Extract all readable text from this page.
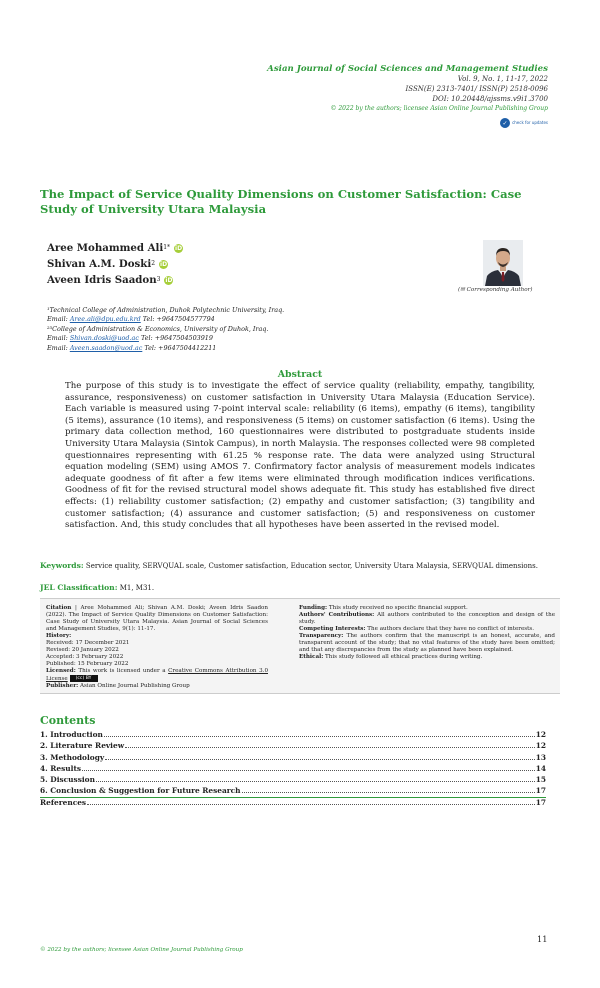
Asian Journal of Social Sciences and Management Studies
Vol. 9, No. 1, 11-17, 2022
ISSN(E) 2313-7401/ ISSN(P) 2518-0096
DOI: 10.20448/ajssms.v9i1.3700
© 2022 by the authors; licensee Asian Online Journal Publishing Group
✓	check for updates
The Impact of Service Quality Dimensions on Customer Satisfaction: Case Study of University Utara Malaysia
Aree Mohammed Ali 1* iD
Shivan A.M. Doski 2 iD
Aveen Idris Saadon 3 iD
(✉ Corresponding Author)
¹Technical College of Administration, Duhok Polytechnic University, Iraq.
Email: Aree.ali@dpu.edu.krd Tel: +9647504577794
²³College of Administration & Economics, University of Duhok, Iraq.
Email: Shivan.doski@uod.ac Tel: +9647504503919
Email: Aveen.saadon@uod.ac Tel: +9647504412211
Abstract
The purpose of this study is to investigate the effect of service quality (reliability, empathy, tangibility, assurance, responsiveness) on customer satisfaction in University Utara Malaysia (Education Service). Each variable is measured using 7-point interval scale: reliability (6 items), empathy (6 items), tangibility (5 items), assurance (10 items), and responsiveness (5 items) on customer satisfaction (6 items). Using the primary data collection method, 160 questionnaires were distributed to postgraduate students inside University Utara Malaysia (Sintok Campus), in north Malaysia. The responses collected were 98 completed questionnaires representing with 61.25 % response rate. The data were analyzed using Structural equation modeling (SEM) using AMOS 7. Confirmatory factor analysis of measurement models indicates adequate goodness of fit after a few items were eliminated through modification indices verifications. Goodness of fit for the revised structural model shows adequate fit. This study has established five direct effects: (1) reliability customer satisfaction; (2) empathy and customer satisfaction; (3) tangibility and customer satisfaction; (4) assurance and customer satisfaction; (5) and responsiveness on customer satisfaction. And, this study concludes that all hypotheses have been asserted in the revised model.
Keywords: Service quality, SERVQUAL scale, Customer satisfaction, Education sector, University Utara Malaysia, SERVQUAL dimensions.
JEL Classification: M1, M31.
Citation | Aree Mohammed Ali; Shivan A.M. Doski; Aveen Idris Saadon (2022). The Impact of Service Quality Dimensions on Customer Satisfaction: Case Study of University Utara Malaysia. Asian Journal of Social Sciences and Management Studies, 9(1): 11-17.
History:
Received: 17 December 2021
Revised: 20 January 2022
Accepted: 3 February 2022
Published: 15 February 2022
Licensed: This work is licensed under a Creative Commons Attribution 3.0 License (cc) BY
Publisher: Asian Online Journal Publishing Group
Funding: This study received no specific financial support.
Authors' Contributions: All authors contributed to the conception and design of the study.
Competing Interests: The authors declare that they have no conflict of interests.
Transparency: The authors confirm that the manuscript is an honest, accurate, and transparent account of the study; that no vital features of the study have been omitted; and that any discrepancies from the study as planned have been explained.
Ethical: This study followed all ethical practices during writing.
Contents
1. Introduction	12
2. Literature Review	12
3. Methodology	13
4. Results	14
5. Discussion	15
6. Conclusion & Suggestion for Future Research	17
References	17
11
© 2022 by the authors; licensee Asian Online Journal Publishing Group
